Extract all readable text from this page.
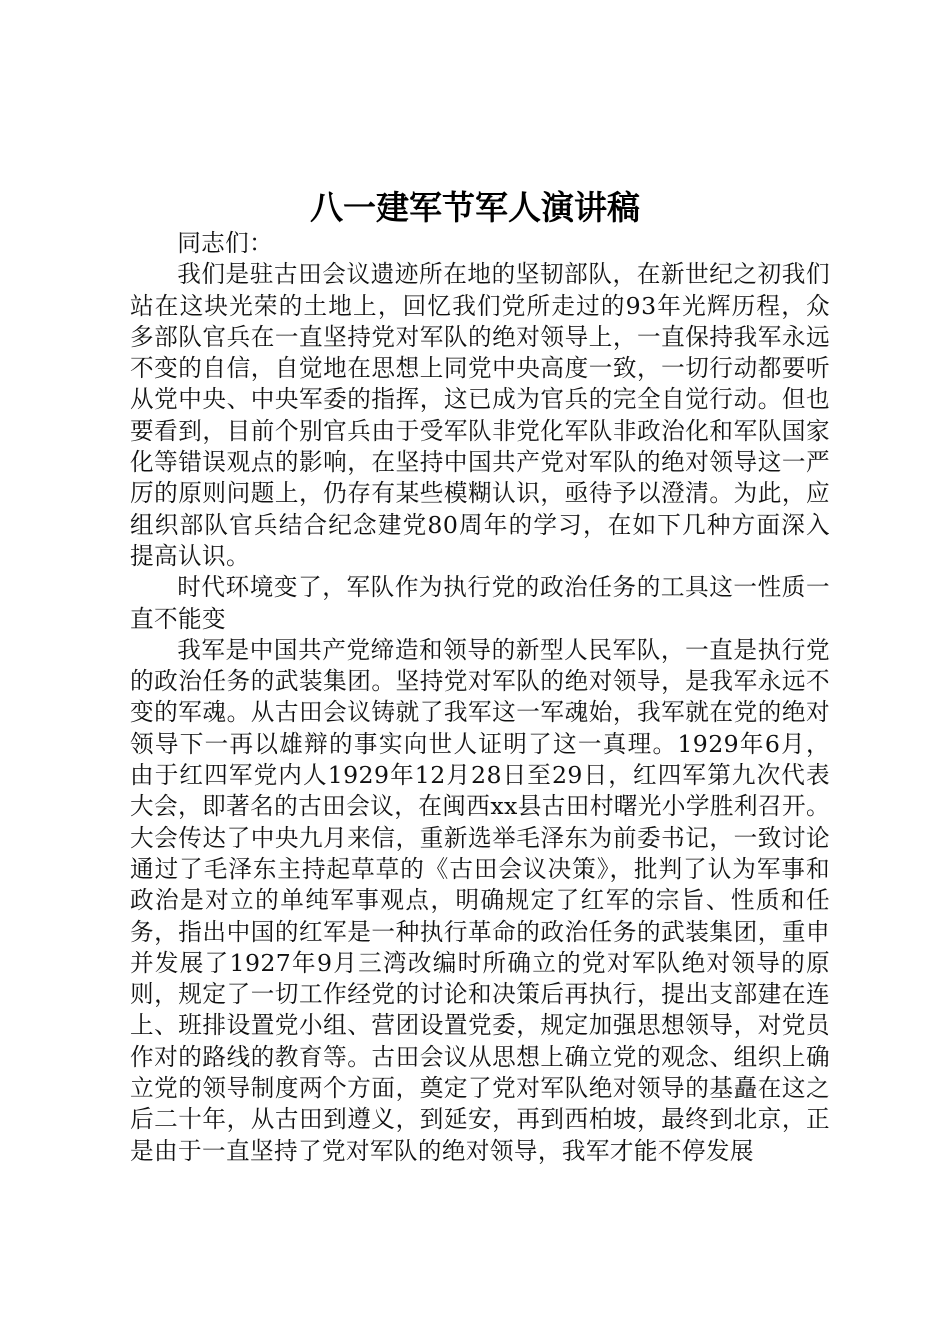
八一建军节军人演讲稿

同志们：

我们是驻古田会议遗迹所在地的坚韧部队，在新世纪之初我们站在这块光荣的土地上，回忆我们党所走过的93年光辉历程，众多部队官兵在一直坚持党对军队的绝对领导上，一直保持我军永远不变的自信，自觉地在思想上同党中央高度一致，一切行动都要听从党中央、中央军委的指挥，这已成为官兵的完全自觉行动。但也要看到，目前个别官兵由于受军队非党化军队非政治化和军队国家化等错误观点的影响，在坚持中国共产党对军队的绝对领导这一严厉的原则问题上，仍存有某些模糊认识，亟待予以澄清。为此，应组织部队官兵结合纪念建党80周年的学习，在如下几种方面深入提高认识。

时代环境变了，军队作为执行党的政治任务的工具这一性质一直不能变

我军是中国共产党缔造和领导的新型人民军队，一直是执行党的政治任务的武装集团。坚持党对军队的绝对领导，是我军永远不变的军魂。从古田会议铸就了我军这一军魂始，我军就在党的绝对领导下一再以雄辩的事实向世人证明了这一真理。1929年6月，由于红四军党内人1929年12月28日至29日，红四军第九次代表大会，即著名的古田会议，在闽西xx县古田村曙光小学胜利召开。大会传达了中央九月来信，重新选举毛泽东为前委书记，一致讨论通过了毛泽东主持起草草的《古田会议决策》，批判了认为军事和政治是对立的单纯军事观点，明确规定了红军的宗旨、性质和任务，指出中国的红军是一种执行革命的政治任务的武装集团，重申并发展了1927年9月三湾改编时所确立的党对军队绝对领导的原则，规定了一切工作经党的讨论和决策后再执行，提出支部建在连上、班排设置党小组、营团设置党委，规定加强思想领导，对党员作对的路线的教育等。古田会议从思想上确立党的观念、组织上确立党的领导制度两个方面，奠定了党对军队绝对领导的基矗在这之后二十年，从古田到遵义，到延安，再到西柏坡，最终到北京，正是由于一直坚持了党对军队的绝对领导，我军才能不停发展
